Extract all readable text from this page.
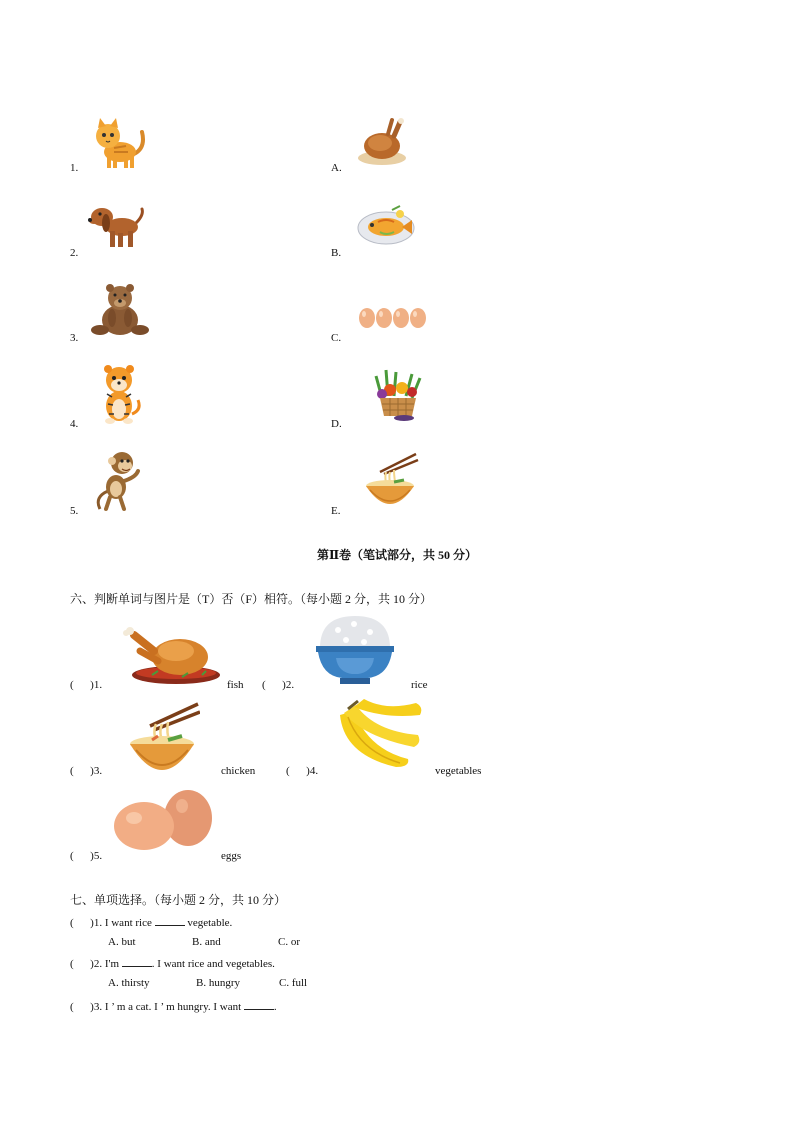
1.
2.
3.
4.
5.
A.
B.
C.
D.
E.
第Ⅱ卷（笔试部分，共 50 分）
六、判断单词与图片是（T）否（F）相符。（每小题 2 分，共 10 分）
(      )1.	fish (      )2.	rice
(      )3.	chicken	(      )4.	vegetables
(      )5.	eggs
七、单项选择。（每小题 2 分，共 10 分）
(      )1. I want rice	vegetable.
A. but	B. and	C. or
(      )2. I'm	. I want rice and vegetables.
A. thirsty	B. hungry	C. full
(      )3. I ’ m a cat. I ’ m hungry. I want	.
